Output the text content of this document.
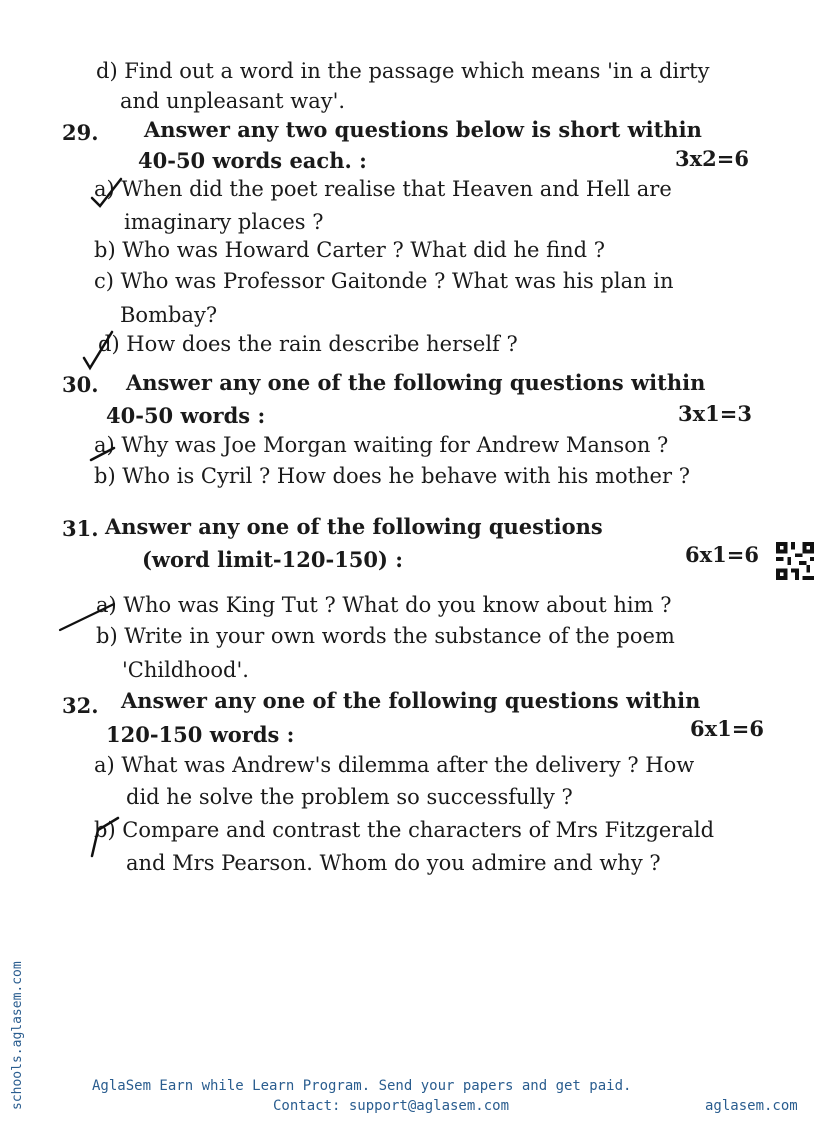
d) Find out a word in the passage which means 'in a dirty
and unpleasant way'.
29. Answer any two questions below is short within
40-50 words each. :	3x2=6
a) When did the poet realise that Heaven and Hell are
imaginary places ?
b) Who was Howard Carter ? What did he find ?
c) Who was Professor Gaitonde ? What was his plan in
Bombay?
d) How does the rain describe herself ?
30. Answer any one of the following questions within
40-50 words :	3x1=3
a) Why was Joe Morgan waiting for Andrew Manson ?
b) Who is Cyril ? How does he behave with his mother ?
31. Answer any one of the following questions
(word limit-120-150) :	6x1=6
a) Who was King Tut ? What do you know about him ?
b) Write in your own words the substance of the poem
'Childhood'.
32. Answer any one of the following questions within
120-150 words :	6x1=6
a) What was Andrew's dilemma after the delivery ? How
did he solve the problem so successfully ?
b) Compare and contrast the characters of Mrs Fitzgerald
and Mrs Pearson. Whom do you admire and why ?
schools.aglasem.com	AglaSem Earn while Learn Program. Send your papers and get paid.
Contact: support@aglasem.com	aglasem.com
